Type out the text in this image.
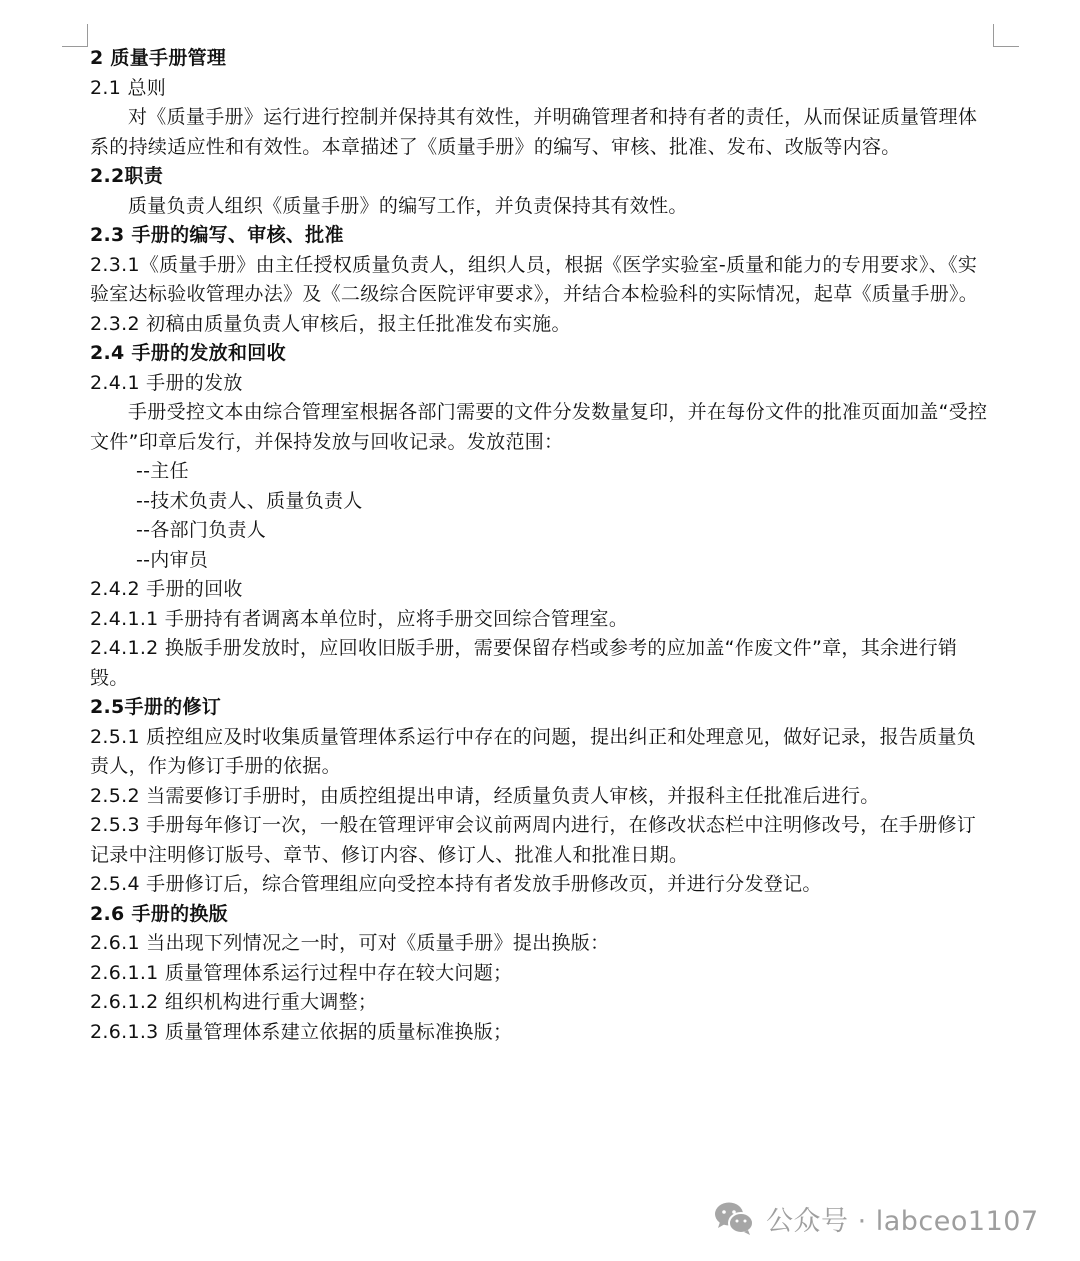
2 质量手册管理
2.1 总则
对《质量手册》运行进行控制并保持其有效性，并明确管理者和持有者的责任，从而保证质量管理体系的持续适应性和有效性。本章描述了《质量手册》的编写、审核、批准、发布、改版等内容。
2.2职责
质量负责人组织《质量手册》的编写工作，并负责保持其有效性。
2.3 手册的编写、审核、批准
2.3.1《质量手册》由主任授权质量负责人，组织人员，根据《医学实验室-质量和能力的专用要求》、《实验室达标验收管理办法》及《二级综合医院评审要求》，并结合本检验科的实际情况，起草《质量手册》。
2.3.2 初稿由质量负责人审核后，报主任批准发布实施。
2.4 手册的发放和回收
2.4.1 手册的发放
手册受控文本由综合管理室根据各部门需要的文件分发数量复印，并在每份文件的批准页面加盖“受控文件”印章后发行，并保持发放与回收记录。发放范围：
--主任
--技术负责人、质量负责人
--各部门负责人
--内审员
2.4.2 手册的回收
2.4.1.1 手册持有者调离本单位时，应将手册交回综合管理室。
2.4.1.2 换版手册发放时，应回收旧版手册，需要保留存档或参考的应加盖“作废文件”章，其余进行销毁。
2.5手册的修订
2.5.1 质控组应及时收集质量管理体系运行中存在的问题，提出纠正和处理意见，做好记录，报告质量负责人，作为修订手册的依据。
2.5.2 当需要修订手册时，由质控组提出申请，经质量负责人审核，并报科主任批准后进行。
2.5.3 手册每年修订一次，一般在管理评审会议前两周内进行，在修改状态栏中注明修改号，在手册修订记录中注明修订版号、章节、修订内容、修订人、批准人和批准日期。
2.5.4 手册修订后，综合管理组应向受控本持有者发放手册修改页，并进行分发登记。
2.6 手册的换版
2.6.1 当出现下列情况之一时，可对《质量手册》提出换版：
2.6.1.1 质量管理体系运行过程中存在较大问题；
2.6.1.2 组织机构进行重大调整；
2.6.1.3 质量管理体系建立依据的质量标准换版；
公众号 · labceo1107
